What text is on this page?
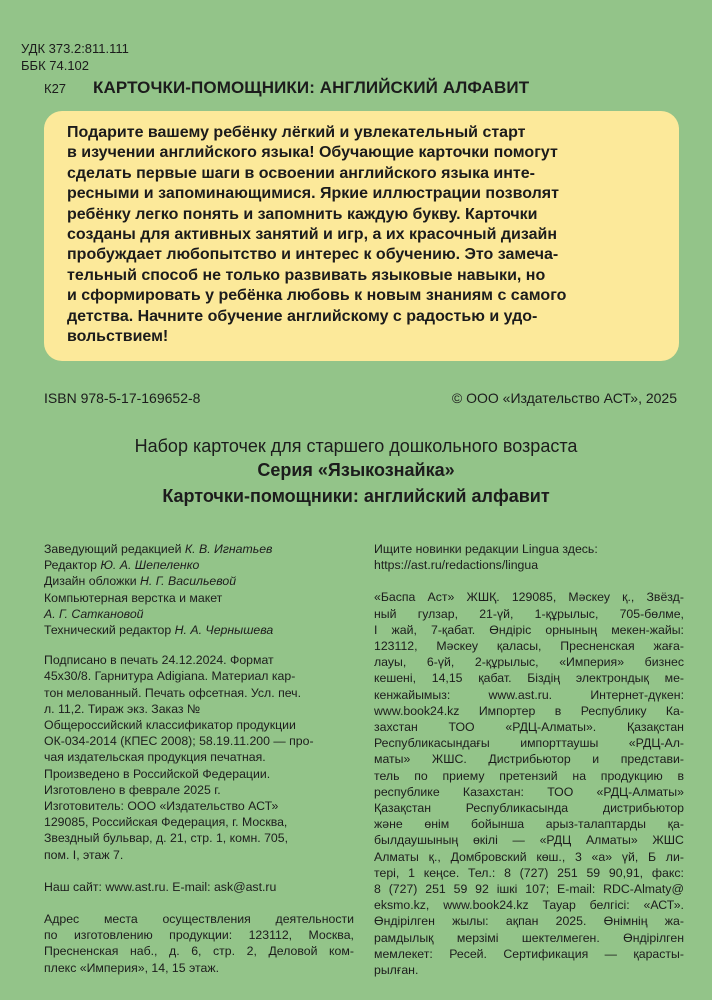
УДК 373.2:811.111
ББК 74.102
К27 КАРТОЧКИ-ПОМОЩНИКИ: АНГЛИЙСКИЙ АЛФАВИТ
Подарите вашему ребёнку лёгкий и увлекательный старт
в изучении английского языка! Обучающие карточки помогут
сделать первые шаги в освоении английского языка инте-
ресными и запоминающимися. Яркие иллюстрации позволят
ребёнку легко понять и запомнить каждую букву. Карточки
созданы для активных занятий и игр, а их красочный дизайн
пробуждает любопытство и интерес к обучению. Это замеча-
тельный способ не только развивать языковые навыки, но
и сформировать у ребёнка любовь к новым знаниям с самого
детства. Начните обучение английскому с радостью и удо-
вольствием!
ISBN 978-5-17-169652-8	© ООО «Издательство АСТ», 2025
Набор карточек для старшего дошкольного возраста
Серия «Языкознайка»
Карточки-помощники: английский алфавит
Заведующий редакцией К. В. Игнатьев
Редактор Ю. А. Шепеленко
Дизайн обложки Н. Г. Васильевой
Компьютерная верстка и макет
А. Г. Саткановой
Технический редактор Н. А. Чернышева
Подписано в печать 24.12.2024. Формат
45x30/8. Гарнитура Adigiana. Материал кар-
тон мелованный. Печать офсетная. Усл. печ.
л. 11,2. Тираж экз. Заказ №
Общероссийский классификатор продукции
ОК-034-2014 (КПЕС 2008); 58.19.11.200 — про-
чая издательская продукция печатная.
Произведено в Российской Федерации.
Изготовлено в феврале 2025 г.
Изготовитель: ООО «Издательство АСТ»
129085, Российская Федерация, г. Москва,
Звездный бульвар, д. 21, стр. 1, комн. 705,
пом. I, этаж 7.
Наш сайт: www.ast.ru. E-mail: ask@ast.ru
Адрес места осуществления деятельности
по изготовлению продукции: 123112, Москва,
Пресненская наб., д. 6, стр. 2, Деловой ком-
плекс «Империя», 14, 15 этаж.
Ищите новинки редакции Lingua здесь:
https://ast.ru/redactions/lingua
«Баспа Аст» ЖШҚ. 129085, Мәскеу қ., Звёзд-
ный гулзар, 21-үй, 1-құрылыс, 705-бөлме,
I жай, 7-қабат. Өндіріс орнының мекен-жайы:
123112, Мәскеу қаласы, Пресненская жаға-
лауы, 6-үй, 2-құрылыс, «Империя» бизнес
кешені, 14,15 қабат. Біздің электрондық ме-
кенжайымыз:	www.ast.ru.	Интернет-дүкен:
www.book24.kz Импортер в Республику Ка-
захстан	ТОО	«РДЦ-Алматы».	Қазақстан
Республикасындағы импорттаушы «РДЦ-Ал-
маты» ЖШС. Дистрибьютор и представи-
тель по приему претензий на продукцию в
республике Казахстан: ТОО «РДЦ-Алматы»
Қазақстан	Республикасында	дистрибьютор
және өнім бойынша арыз-талаптарды қа-
былдаушының өкілі — «РДЦ Алматы» ЖШС
Алматы қ., Домбровский көш., 3 «а» үй, Б ли-
тері, 1 кеңсе. Тел.: 8 (727) 251 59 90,91, факс:
8 (727) 251 59 92 ішкі 107; E-mail: RDC-Almaty@
eksmo.kz, www.book24.kz Тауар белгісі: «АСТ».
Өндірілген жылы: ақпан 2025. Өнімнің жа-
рамдылық мерзімі шектелмеген. Өндірілген
мемлекет: Ресей. Сертификация — қарасты-
рылған.
